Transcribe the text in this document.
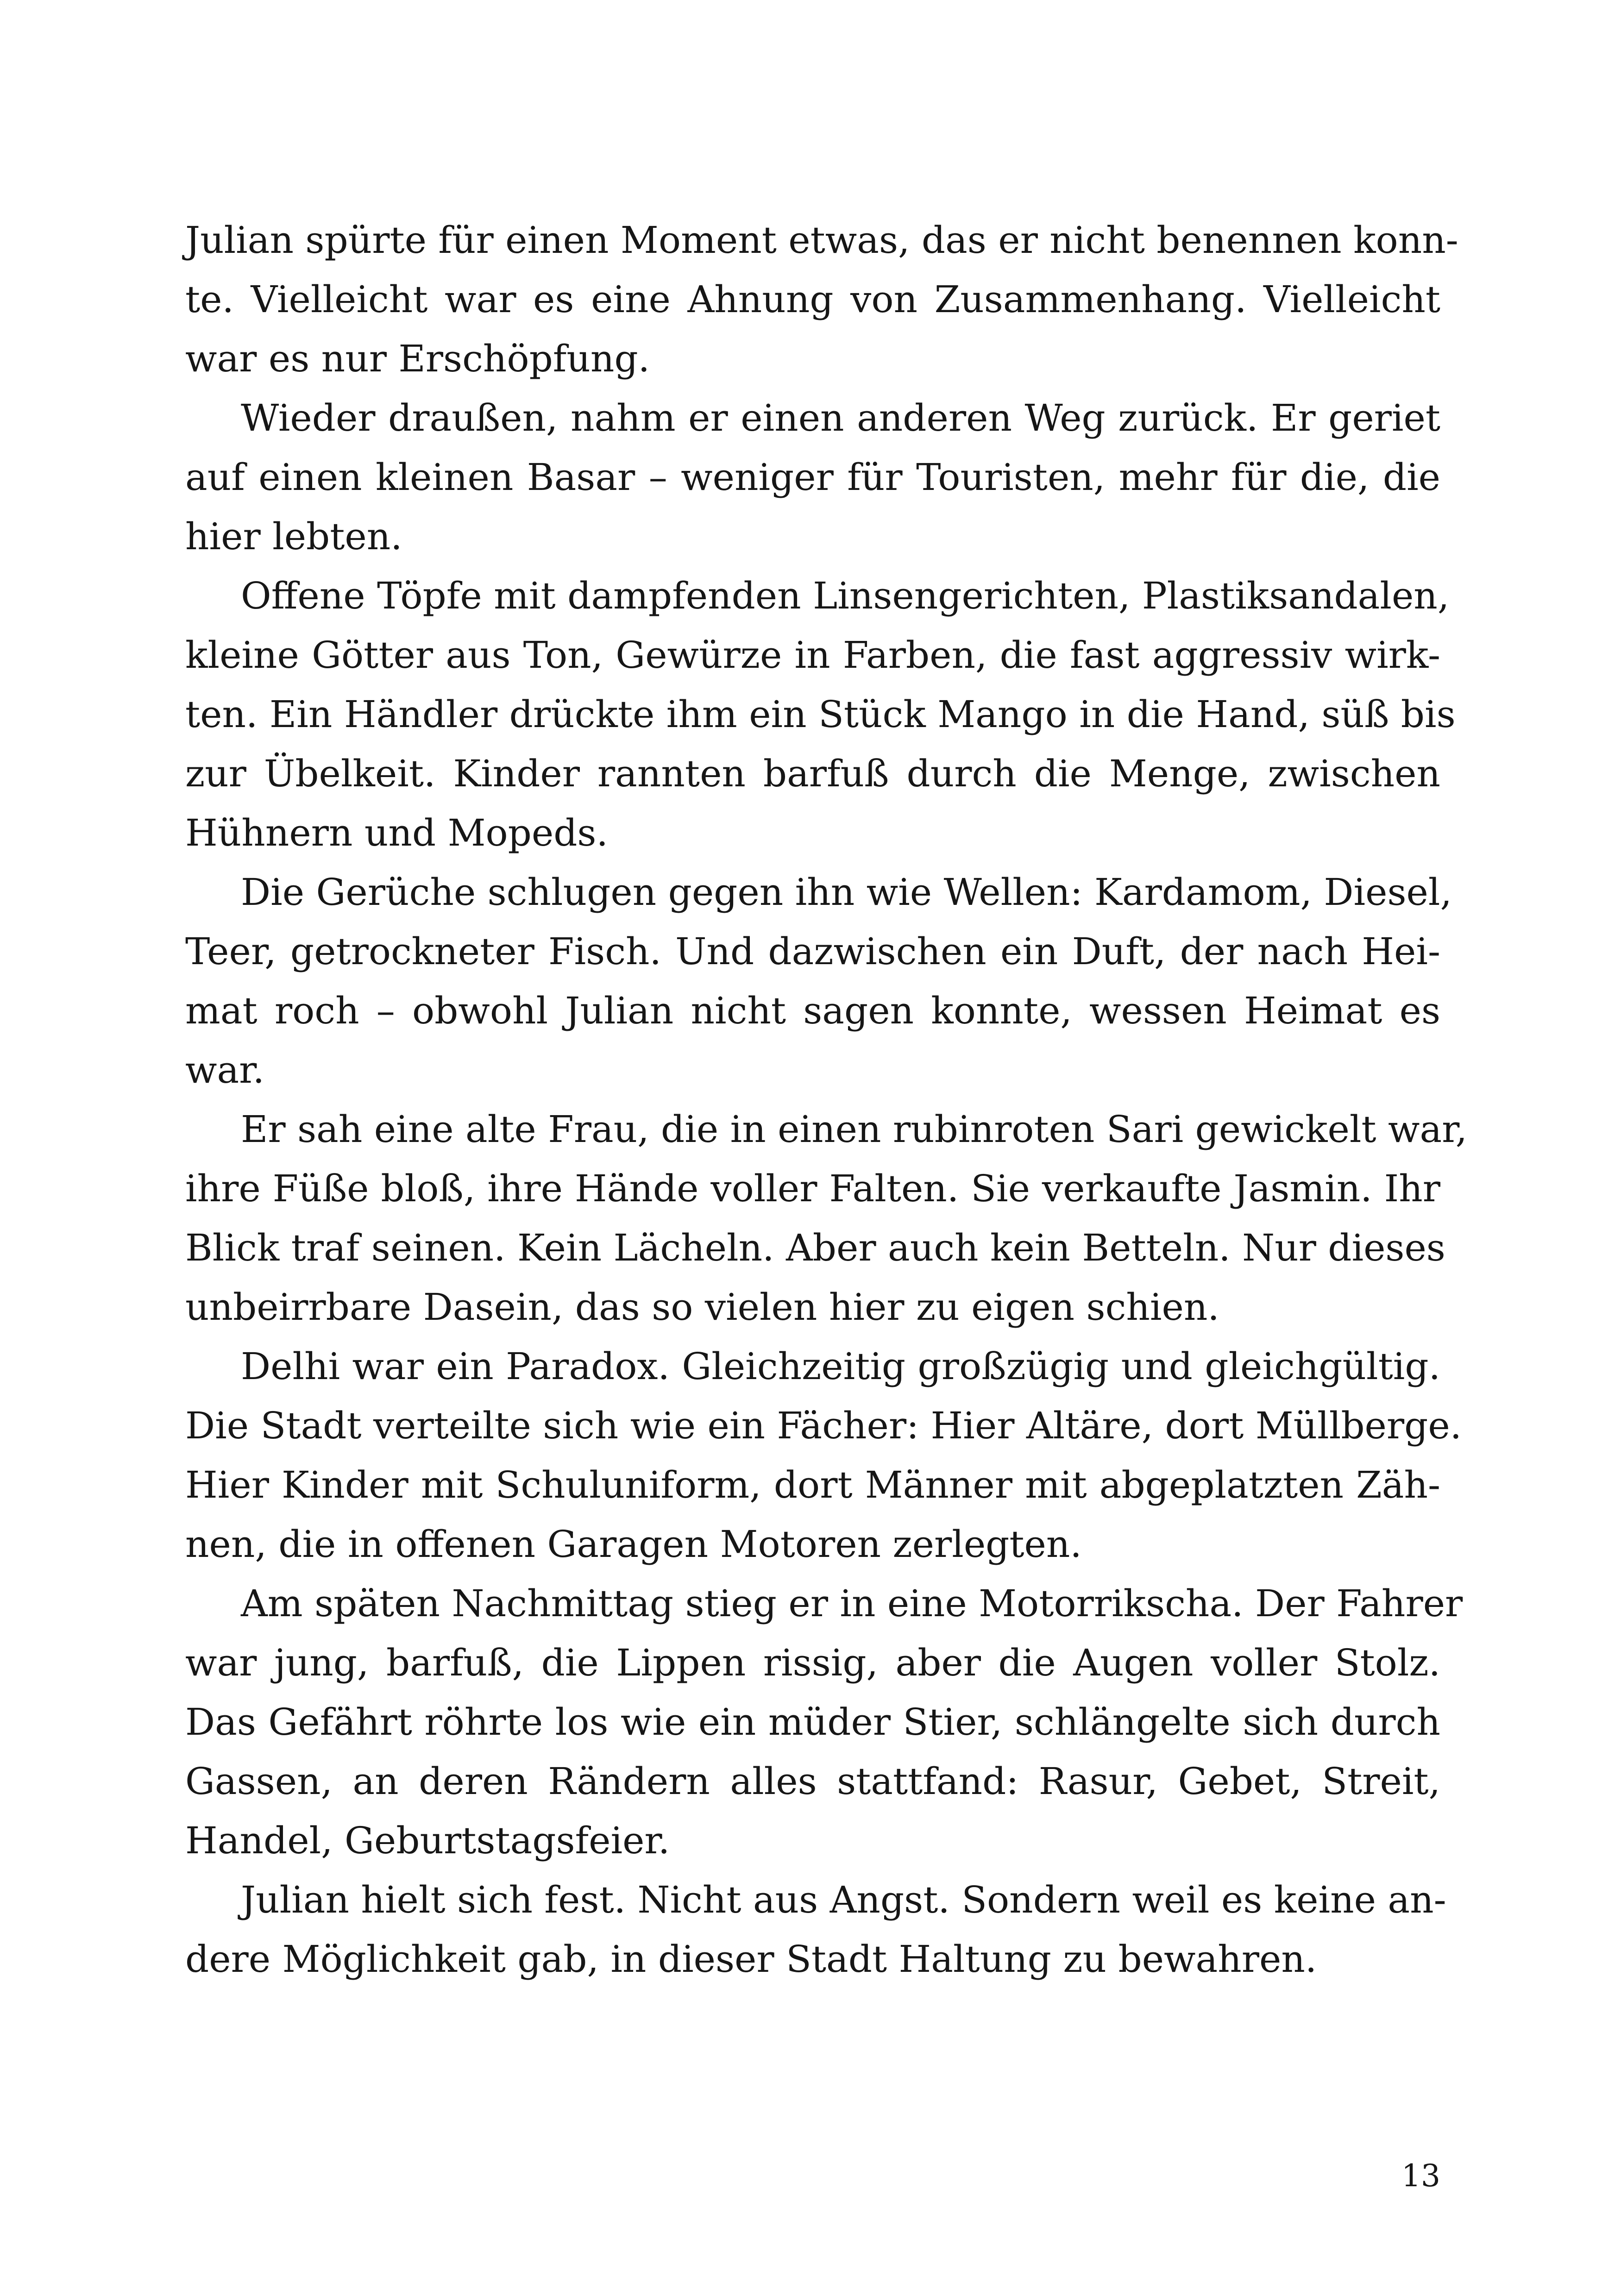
Julian spürte für einen Moment etwas, das er nicht benennen konn-
te. Vielleicht war es eine Ahnung von Zusammenhang. Vielleicht
war es nur Erschöpfung.
Wieder draußen, nahm er einen anderen Weg zurück. Er geriet
auf einen kleinen Basar – weniger für Touristen, mehr für die, die
hier lebten.
Offene Töpfe mit dampfenden Linsengerichten, Plastiksandalen,
kleine Götter aus Ton, Gewürze in Farben, die fast aggressiv wirk-
ten. Ein Händler drückte ihm ein Stück Mango in die Hand, süß bis
zur Übelkeit. Kinder rannten barfuß durch die Menge, zwischen
Hühnern und Mopeds.
Die Gerüche schlugen gegen ihn wie Wellen: Kardamom, Diesel,
Teer, getrockneter Fisch. Und dazwischen ein Duft, der nach Hei-
mat roch – obwohl Julian nicht sagen konnte, wessen Heimat es
war.
Er sah eine alte Frau, die in einen rubinroten Sari gewickelt war,
ihre Füße bloß, ihre Hände voller Falten. Sie verkaufte Jasmin. Ihr
Blick traf seinen. Kein Lächeln. Aber auch kein Betteln. Nur dieses
unbeirrbare Dasein, das so vielen hier zu eigen schien.
Delhi war ein Paradox. Gleichzeitig großzügig und gleichgültig.
Die Stadt verteilte sich wie ein Fächer: Hier Altäre, dort Müllberge.
Hier Kinder mit Schuluniform, dort Männer mit abgeplatzten Zäh-
nen, die in offenen Garagen Motoren zerlegten.
Am späten Nachmittag stieg er in eine Motorrikscha. Der Fahrer
war jung, barfuß, die Lippen rissig, aber die Augen voller Stolz.
Das Gefährt röhrte los wie ein müder Stier, schlängelte sich durch
Gassen, an deren Rändern alles stattfand: Rasur, Gebet, Streit,
Handel, Geburtstagsfeier.
Julian hielt sich fest. Nicht aus Angst. Sondern weil es keine an-
dere Möglichkeit gab, in dieser Stadt Haltung zu bewahren.
13
